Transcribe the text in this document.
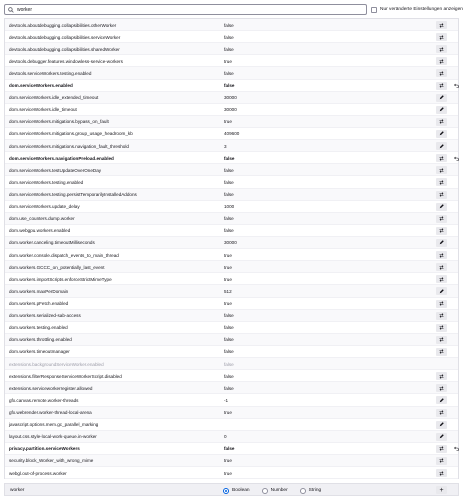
worker
Nur veränderte Einstellungen anzeigen
devtools.aboutdebugging.collapsibilities.otherWorker	false
devtools.aboutdebugging.collapsibilities.serviceWorker	false
devtools.aboutdebugging.collapsibilities.sharedWorker	false
devtools.debugger.features.windowless-service-workers	true
devtools.serviceWorkers.testing.enabled	false
dom.serviceWorkers.enabled	false
dom.serviceWorkers.idle_extended_timeout	30000
dom.serviceWorkers.idle_timeout	30000
dom.serviceWorkers.mitigations.bypass_on_fault	true
dom.serviceWorkers.mitigations.group_usage_headroom_kb	409600
dom.serviceWorkers.mitigations.navigation_fault_threshold	3
dom.serviceWorkers.navigationPreload.enabled	false
dom.serviceWorkers.testUpdateOverOneDay	false
dom.serviceWorkers.testing.enabled	false
dom.serviceWorkers.testing.persistTemporarilyInstalledAddons	false
dom.serviceWorkers.update_delay	1000
dom.use_counters.dump.worker	false
dom.webgpu.workers.enabled	false
dom.worker.canceling.timeoutMilliseconds	30000
dom.worker.console.dispatch_events_to_main_thread	true
dom.workers.GCCC_on_potentially_last_event	true
dom.workers.importScripts.enforceStrictMimeType	true
dom.workers.maxPerDomain	512
dom.workers.pFetch.enabled	true
dom.workers.serialized-sab-access	false
dom.workers.testing.enabled	false
dom.workers.throttling.enabled	false
dom.workers.timeoutmanager	false
extensions.backgroundServiceWorker.enabled	false
extensions.filterResponseServiceWorkerScript.disabled	false
extensions.serviceworkerregister.allowed	false
gfx.canvas.remote.worker-threads	-1
gfx.webrender.worker-thread-local-arena	true
javascript.options.mem.gc_parallel_marking
layout.css.style-local-work-queue.in-worker	0
privacy.partition.serviceWorkers	false
security.block_Worker_with_wrong_mime	true
webgl.out-of-process.worker	true
worker	Boolean	Number	String	+
